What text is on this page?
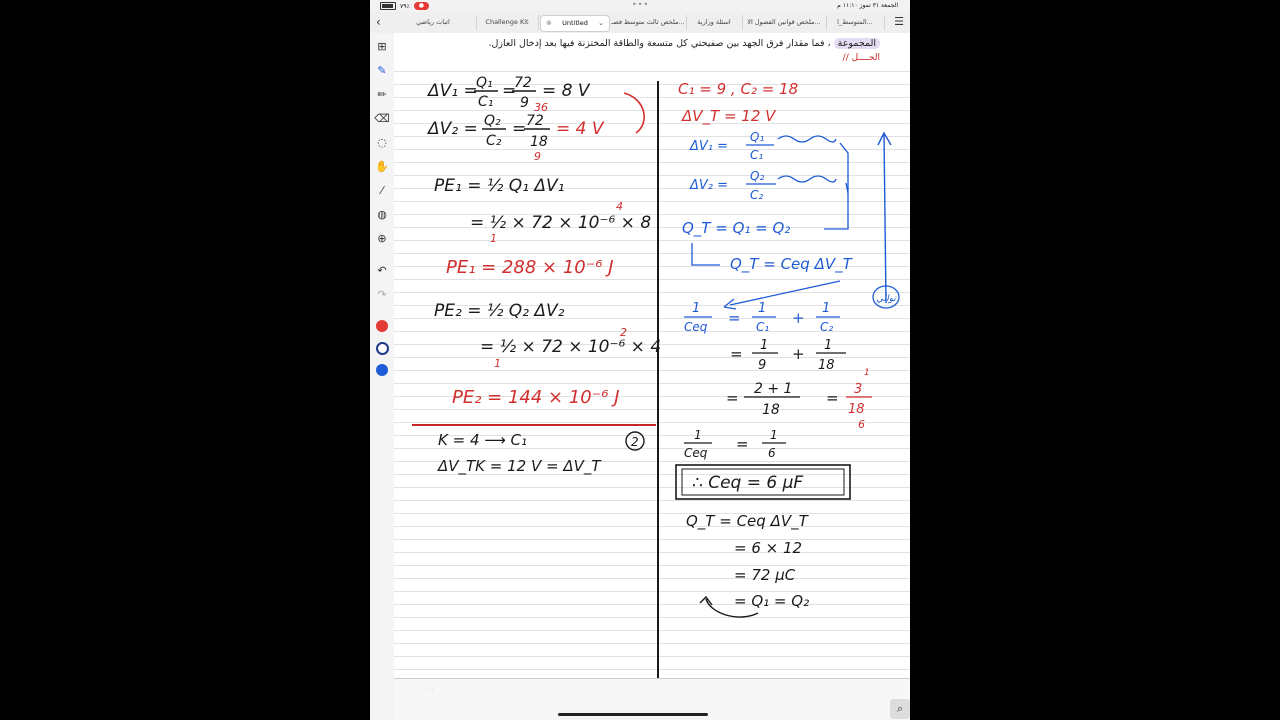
٧٩٪	●	•••	الجمعة ٣١ تموز ١١:١٠ م
‹	اثبات رياضي	Challenge Kit	⊗ Untitled ⌄ ملخص ثالث متوسط فصـ...	اسئلة وزارية	ملخص قوانين الفصول الا...	المتوسط_ا...	☰
⊞
✎
✏
⌫
◌
✋
⁄
◍
⊕
↶
↷
المجموعة ، فما مقدار فرق الجهد بين صفيحتي كل متسعة والطاقة المختزنة فيها بعد إدخال العازل.
الحــــل //
ΔV₁ =
Q₁
C₁
=
72
9
= 8 V
ΔV₂ = Q₂
C₂
= 72
18
36
9
= 4 V
PE₁ = ½ Q₁ ΔV₁
= ½ × 72 × 10⁻⁶ × 8
4
1
PE₁ = 288 × 10⁻⁶ J
PE₂ = ½ Q₂ ΔV₂
= ½ × 72 × 10⁻⁶ × 4
2
1
PE₂ = 144 × 10⁻⁶ J
K = 4 ⟶ C₁	2
ΔV_TK = 12 V = ΔV_T
C₁ = 9 , C₂ = 18
ΔV_T = 12 V
ΔV₁ =
Q₁
C₁
ΔV₂ =
Q₂
C₂
Q_T = Q₁ = Q₂
Q_T = Ceq ΔV_T
توالي
1
Ceq =
1
C₁ +
1
C₂
= 1
9
+ 1
18
= 2 + 1
18
= 3
18
1
6
1
Ceq = 1
6
∴ Ceq = 6 μF
Q_T = Ceq ΔV_T
= 6 × 12
= 72 μC
= Q₁ = Q₂
· · ·
⌕
